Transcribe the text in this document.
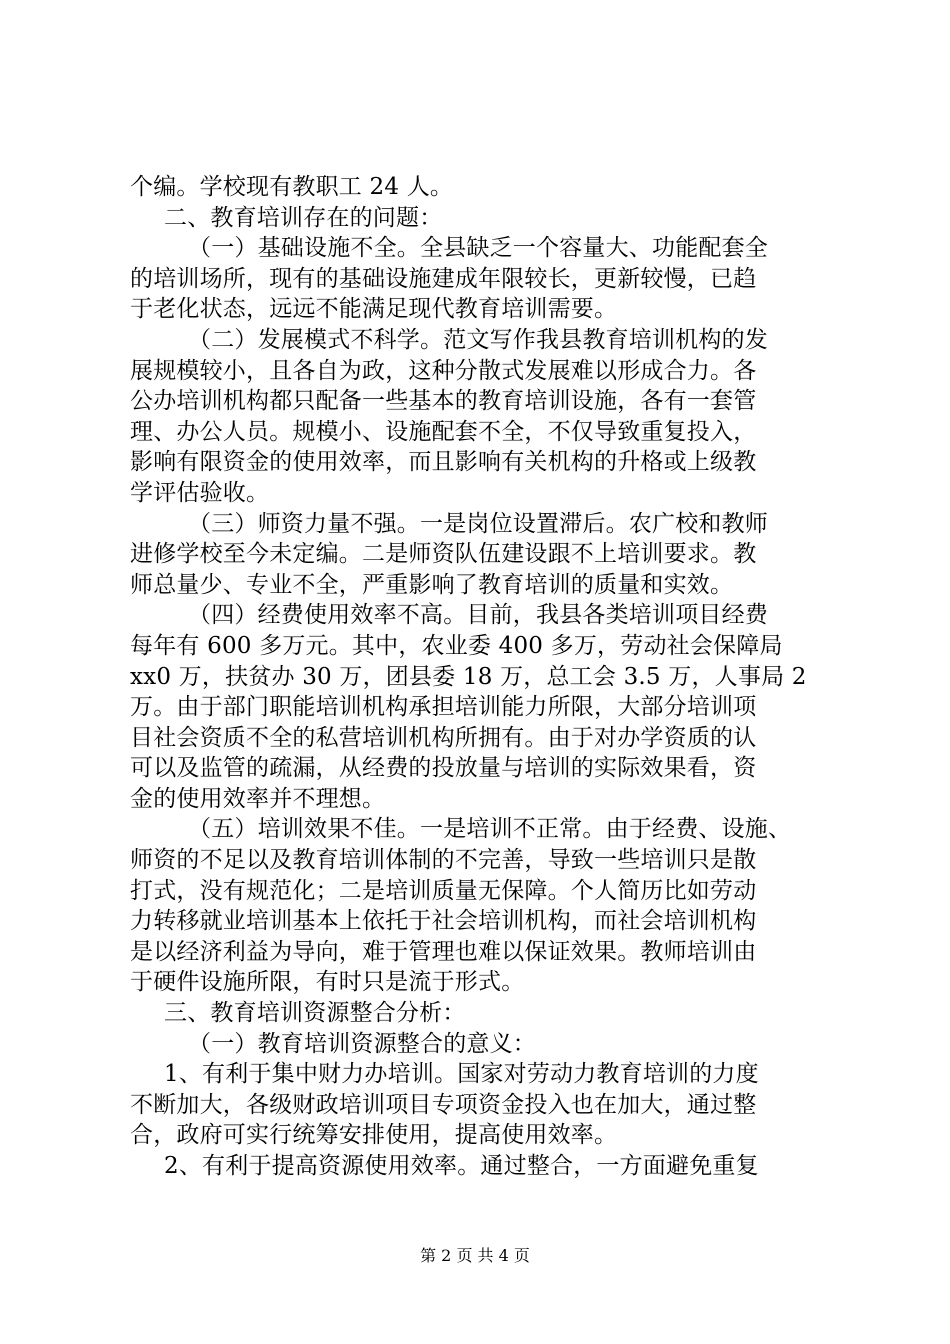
个编。学校现有教职工 24 人。
二、教育培训存在的问题：
（一）基础设施不全。全县缺乏一个容量大、功能配套全
的培训场所，现有的基础设施建成年限较长，更新较慢，已趋
于老化状态，远远不能满足现代教育培训需要。
（二）发展模式不科学。范文写作我县教育培训机构的发
展规模较小，且各自为政，这种分散式发展难以形成合力。各
公办培训机构都只配备一些基本的教育培训设施，各有一套管
理、办公人员。规模小、设施配套不全，不仅导致重复投入，
影响有限资金的使用效率，而且影响有关机构的升格或上级教
学评估验收。
（三）师资力量不强。一是岗位设置滞后。农广校和教师
进修学校至今未定编。二是师资队伍建设跟不上培训要求。教
师总量少、专业不全，严重影响了教育培训的质量和实效。
（四）经费使用效率不高。目前，我县各类培训项目经费
每年有 600 多万元。其中，农业委 400 多万，劳动社会保障局
xx0 万，扶贫办 30 万，团县委 18 万，总工会 3.5 万，人事局 2
万。由于部门职能培训机构承担培训能力所限，大部分培训项
目社会资质不全的私营培训机构所拥有。由于对办学资质的认
可以及监管的疏漏，从经费的投放量与培训的实际效果看，资
金的使用效率并不理想。
（五）培训效果不佳。一是培训不正常。由于经费、设施、
师资的不足以及教育培训体制的不完善，导致一些培训只是散
打式，没有规范化；二是培训质量无保障。个人简历比如劳动
力转移就业培训基本上依托于社会培训机构，而社会培训机构
是以经济利益为导向，难于管理也难以保证效果。教师培训由
于硬件设施所限，有时只是流于形式。
三、教育培训资源整合分析：
（一）教育培训资源整合的意义：
1、有利于集中财力办培训。国家对劳动力教育培训的力度
不断加大，各级财政培训项目专项资金投入也在加大，通过整
合，政府可实行统筹安排使用，提高使用效率。
2、有利于提高资源使用效率。通过整合，一方面避免重复
第 2 页 共 4 页
